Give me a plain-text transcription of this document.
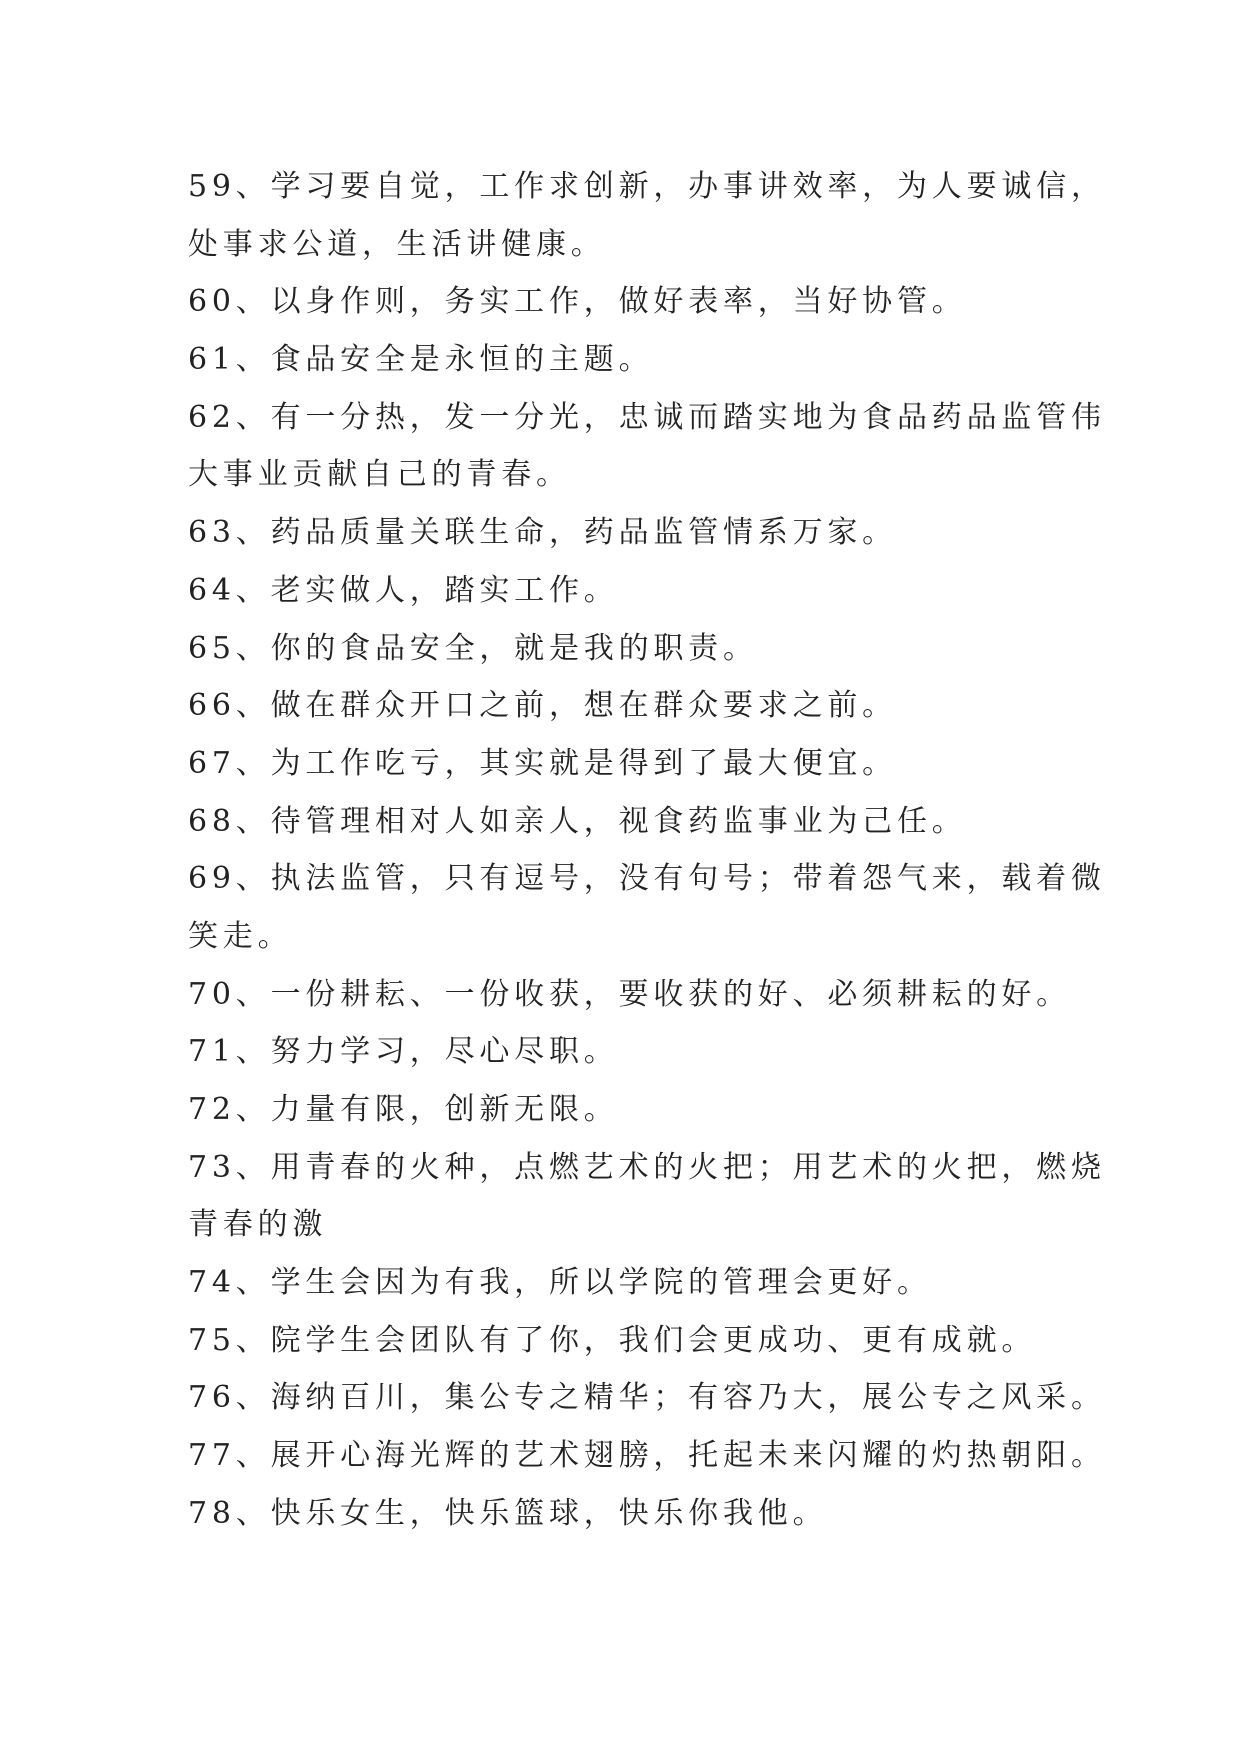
59、学习要自觉，工作求创新，办事讲效率，为人要诚信，
处事求公道，生活讲健康。
60、以身作则，务实工作，做好表率，当好协管。
61、食品安全是永恒的主题。
62、有一分热，发一分光，忠诚而踏实地为食品药品监管伟
大事业贡献自己的青春。
63、药品质量关联生命，药品监管情系万家。
64、老实做人，踏实工作。
65、你的食品安全，就是我的职责。
66、做在群众开口之前，想在群众要求之前。
67、为工作吃亏，其实就是得到了最大便宜。
68、待管理相对人如亲人，视食药监事业为己任。
69、执法监管，只有逗号，没有句号；带着怨气来，载着微
笑走。
70、一份耕耘、一份收获，要收获的好、必须耕耘的好。
71、努力学习，尽心尽职。
72、力量有限，创新无限。
73、用青春的火种，点燃艺术的火把；用艺术的火把，燃烧
青春的激
74、学生会因为有我，所以学院的管理会更好。
75、院学生会团队有了你，我们会更成功、更有成就。
76、海纳百川，集公专之精华；有容乃大，展公专之风采。
77、展开心海光辉的艺术翅膀，托起未来闪耀的灼热朝阳。
78、快乐女生，快乐篮球，快乐你我他。
